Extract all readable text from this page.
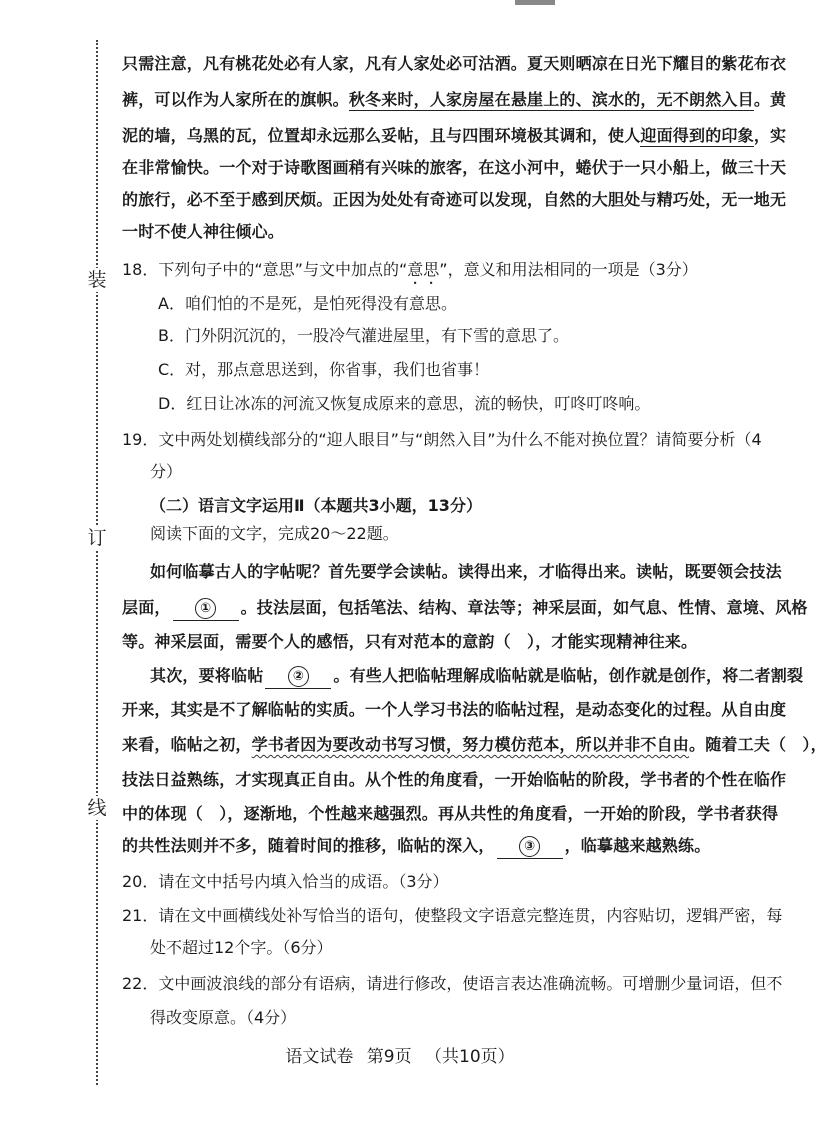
装
订
线

只需注意，凡有桃花处必有人家，凡有人家处必可沽酒。夏天则晒凉在日光下耀目的紫花布衣

裤，可以作为人家所在的旗帜。秋冬来时，人家房屋在悬崖上的、滨水的，无不朗然入目。黄

泥的墙，乌黑的瓦，位置却永远那么妥帖，且与四围环境极其调和，使人迎面得到的印象，实

在非常愉快。一个对于诗歌图画稍有兴味的旅客，在这小河中，蜷伏于一只小船上，做三十天

的旅行，必不至于感到厌烦。正因为处处有奇迹可以发现，自然的大胆处与精巧处，无一地无

一时不使人神往倾心。

18．下列句子中的“意思”与文中加点的“意思”，意义和用法相同的一项是（3分）

A．咱们怕的不是死，是怕死得没有意思。

B．门外阴沉沉的，一股冷气灌进屋里，有下雪的意思了。

C．对，那点意思送到，你省事，我们也省事！

D．红日让冰冻的河流又恢复成原来的意思，流的畅快，叮咚叮咚响。

19．文中两处划横线部分的“迎人眼目”与“朗然入目”为什么不能对换位置？请简要分析（4

分）

（二）语言文字运用Ⅱ（本题共3小题，13分）

阅读下面的文字，完成20～22题。

如何临摹古人的字帖呢？首先要学会读帖。读得出来，才临得出来。读帖，既要领会技法

层面， ① 。技法层面，包括笔法、结构、章法等；神采层面，如气息、性情、意境、风格

等。神采层面，需要个人的感悟，只有对范本的意韵（　），才能实现精神往来。

其次，要将临帖 ② 。有些人把临帖理解成临帖就是临帖，创作就是创作，将二者割裂

开来，其实是不了解临帖的实质。一个人学习书法的临帖过程，是动态变化的过程。从自由度

来看，临帖之初，学书者因为要改动书写习惯，努力模仿范本，所以并非不自由。随着工夫（　），

技法日益熟练，才实现真正自由。从个性的角度看，一开始临帖的阶段，学书者的个性在临作

中的体现（　），逐渐地，个性越来越强烈。再从共性的角度看，一开始的阶段，学书者获得

的共性法则并不多，随着时间的推移，临帖的深入， ③ ，临摹越来越熟练。

20．请在文中括号内填入恰当的成语。（3分）

21．请在文中画横线处补写恰当的语句，使整段文字语意完整连贯，内容贴切，逻辑严密，每

处不超过12个字。（6分）

22．文中画波浪线的部分有语病，请进行修改，使语言表达准确流畅。可增删少量词语，但不

得改变原意。（4分）

语文试卷 第9页 （共10页）
